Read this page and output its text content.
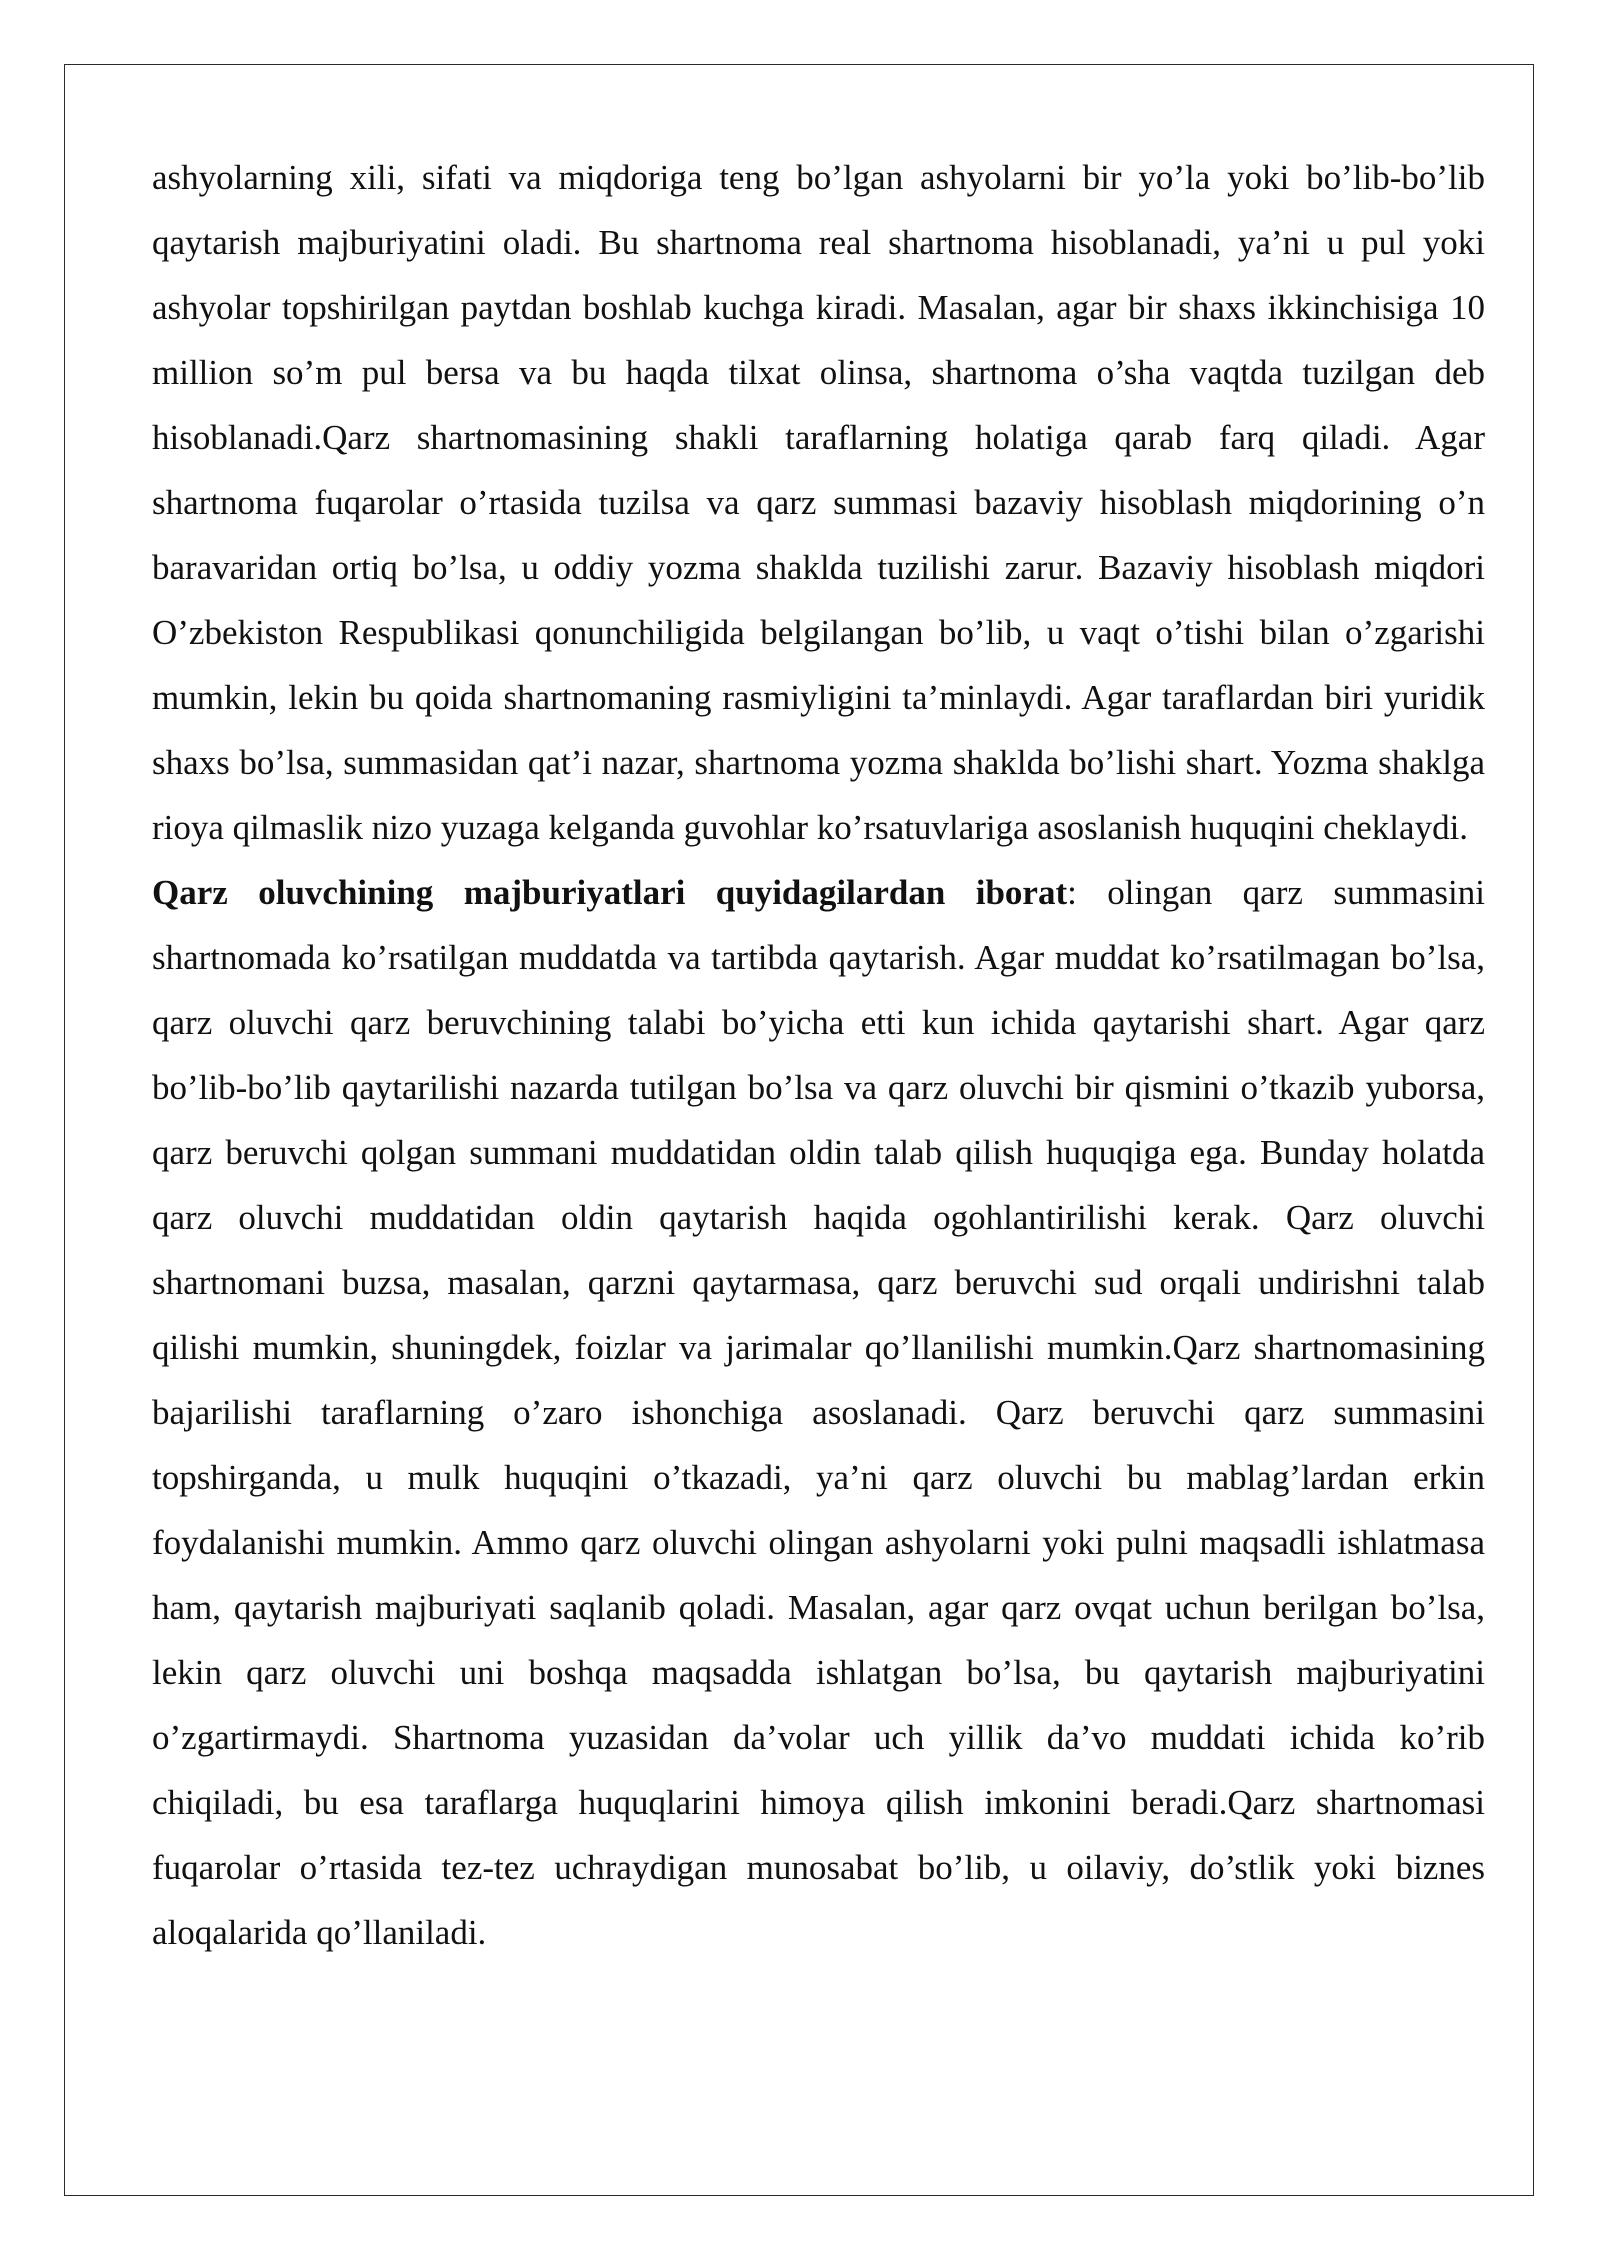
ashyolarning xili, sifati va miqdoriga teng bo’lgan ashyolarni bir yo’la yoki bo’lib-bo’lib qaytarish majburiyatini oladi. Bu shartnoma real shartnoma hisoblanadi, ya’ni u pul yoki ashyolar topshirilgan paytdan boshlab kuchga kiradi. Masalan, agar bir shaxs ikkinchisiga 10 million so’m pul bersa va bu haqda tilxat olinsa, shartnoma o’sha vaqtda tuzilgan deb hisoblanadi.Qarz shartnomasining shakli taraflarning holatiga qarab farq qiladi. Agar shartnoma fuqarolar o’rtasida tuzilsa va qarz summasi bazaviy hisoblash miqdorining o’n baravaridan ortiq bo’lsa, u oddiy yozma shaklda tuzilishi zarur. Bazaviy hisoblash miqdori O’zbekiston Respublikasi qonunchiligida belgilangan bo’lib, u vaqt o’tishi bilan o’zgarishi mumkin, lekin bu qoida shartnomaning rasmiyligini ta’minlaydi. Agar taraflardan biri yuridik shaxs bo’lsa, summasidan qat’i nazar, shartnoma yozma shaklda bo’lishi shart. Yozma shaklga rioya qilmaslik nizo yuzaga kelganda guvohlar ko’rsatuvlariga asoslanish huquqini cheklaydi.

Qarz oluvchining majburiyatlari quyidagilardan iborat: olingan qarz summasini shartnomada ko’rsatilgan muddatda va tartibda qaytarish. Agar muddat ko’rsatilmagan bo’lsa, qarz oluvchi qarz beruvchining talabi bo’yicha etti kun ichida qaytarishi shart. Agar qarz bo’lib-bo’lib qaytarilishi nazarda tutilgan bo’lsa va qarz oluvchi bir qismini o’tkazib yuborsa, qarz beruvchi qolgan summani muddatidan oldin talab qilish huquqiga ega. Bunday holatda qarz oluvchi muddatidan oldin qaytarish haqida ogohlantirilishi kerak. Qarz oluvchi shartnomani buzsa, masalan, qarzni qaytarmasa, qarz beruvchi sud orqali undirishni talab qilishi mumkin, shuningdek, foizlar va jarimalar qo’llanilishi mumkin.Qarz shartnomasining bajarilishi taraflarning o’zaro ishonchiga asoslanadi. Qarz beruvchi qarz summasini topshirganda, u mulk huquqini o’tkazadi, ya’ni qarz oluvchi bu mablag’lardan erkin foydalanishi mumkin. Ammo qarz oluvchi olingan ashyolarni yoki pulni maqsadli ishlatmasa ham, qaytarish majburiyati saqlanib qoladi. Masalan, agar qarz ovqat uchun berilgan bo’lsa, lekin qarz oluvchi uni boshqa maqsadda ishlatgan bo’lsa, bu qaytarish majburiyatini o’zgartirmaydi. Shartnoma yuzasidan da’volar uch yillik da’vo muddati ichida ko’rib chiqiladi, bu esa taraflarga huquqlarini himoya qilish imkonini beradi.Qarz shartnomasi fuqarolar o’rtasida tez-tez uchraydigan munosabat bo’lib, u oilaviy, do’stlik yoki biznes aloqalarida qo’llaniladi.
